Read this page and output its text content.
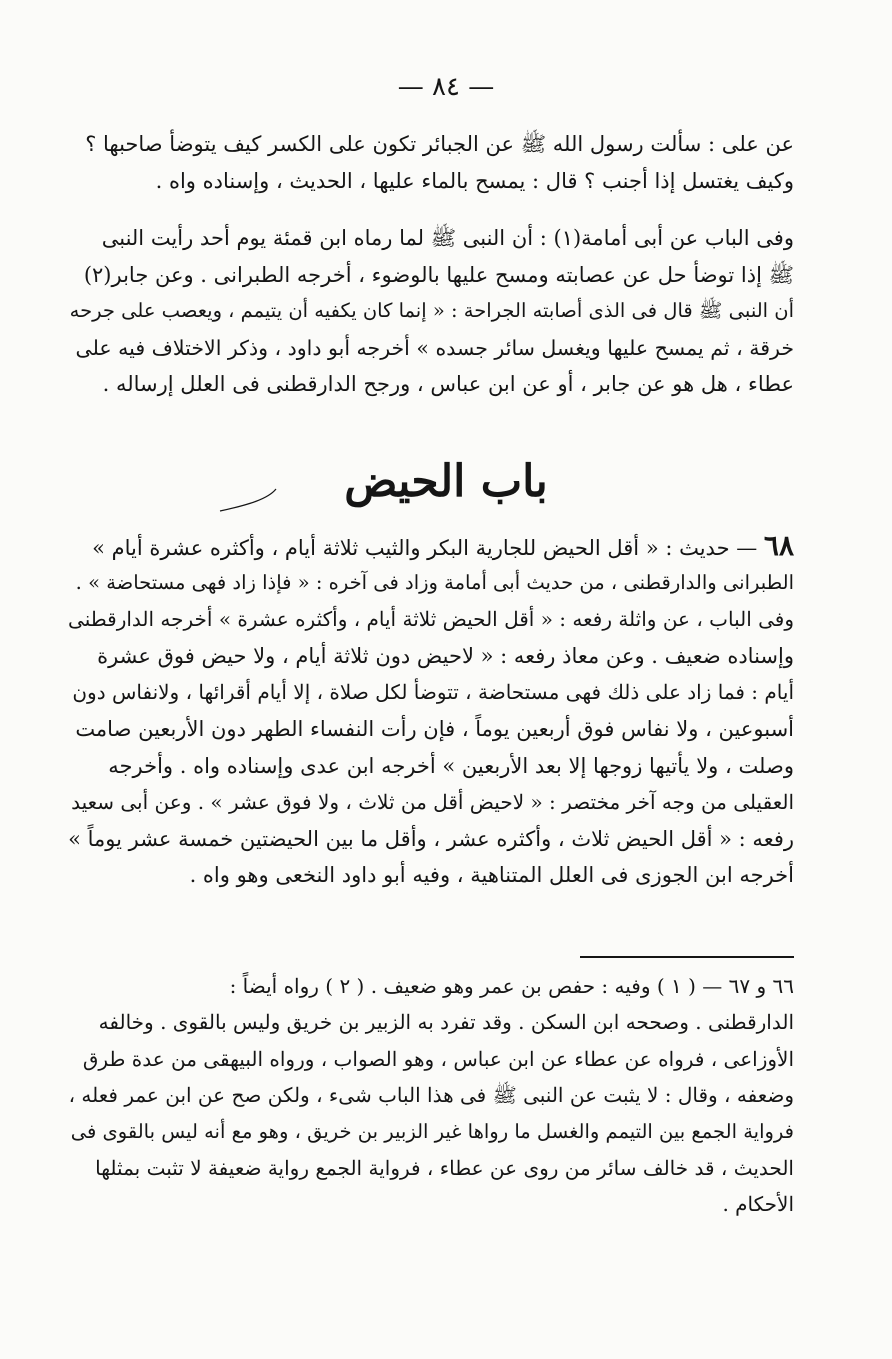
— ٨٤ —
عن على : سألت رسول الله ﷺ عن الجبائر تكون على الكسر كيف يتوضأ صاحبها ؟
وكيف يغتسل إذا أجنب ؟ قال : يمسح بالماء عليها ، الحديث ، وإسناده واه .
وفى الباب عن أبى أمامة(١) : أن النبى ﷺ لما رماه ابن قمئة يوم أحد رأيت النبى
ﷺ إذا توضأ حل عن عصابته ومسح عليها بالوضوء ، أخرجه الطبرانى . وعن جابر(٢)
أن النبى ﷺ قال فى الذى أصابته الجراحة : « إنما كان يكفيه أن يتيمم ، ويعصب على جرحه
خرقة ، ثم يمسح عليها ويغسل سائر جسده » أخرجه أبو داود ، وذكر الاختلاف فيه على
عطاء ، هل هو عن جابر ، أو عن ابن عباس ، ورجح الدارقطنى فى العلل إرساله .
باب الحيض
٦٨ — حديث : « أقل الحيض للجارية البكر والثيب ثلاثة أيام ، وأكثره عشرة أيام »
الطبرانى والدارقطنى ، من حديث أبى أمامة وزاد فى آخره : « فإذا زاد فهى مستحاضة » .
وفى الباب ، عن واثلة رفعه : « أقل الحيض ثلاثة أيام ، وأكثره عشرة » أخرجه الدارقطنى
وإسناده ضعيف . وعن معاذ رفعه : « لاحيض دون ثلاثة أيام ، ولا حيض فوق عشرة
أيام : فما زاد على ذلك فهى مستحاضة ، تتوضأ لكل صلاة ، إلا أيام أقرائها ، ولانفاس دون
أسبوعين ، ولا نفاس فوق أربعين يوماً ، فإن رأت النفساء الطهر دون الأربعين صامت
وصلت ، ولا يأتيها زوجها إلا بعد الأربعين » أخرجه ابن عدى وإسناده واه . وأخرجه
العقيلى من وجه آخر مختصر : « لاحيض أقل من ثلاث ، ولا فوق عشر » . وعن أبى سعيد
رفعه : « أقل الحيض ثلاث ، وأكثره عشر ، وأقل ما بين الحيضتين خمسة عشر يوماً »
أخرجه ابن الجوزى فى العلل المتناهية ، وفيه أبو داود النخعى وهو واه .
٦٦ و ٦٧ — ( ١ ) وفيه : حفص بن عمر وهو ضعيف . ( ٢ ) رواه أيضاً :
الدارقطنى . وصححه ابن السكن . وقد تفرد به الزبير بن خريق وليس بالقوى . وخالفه
الأوزاعى ، فرواه عن عطاء عن ابن عباس ، وهو الصواب ، ورواه البيهقى من عدة طرق
وضعفه ، وقال : لا يثبت عن النبى ﷺ فى هذا الباب شىء ، ولكن صح عن ابن عمر فعله ،
فرواية الجمع بين التيمم والغسل ما رواها غير الزبير بن خريق ، وهو مع أنه ليس بالقوى فى
الحديث ، قد خالف سائر من روى عن عطاء ، فرواية الجمع رواية ضعيفة لا تثبت بمثلها
الأحكام .
